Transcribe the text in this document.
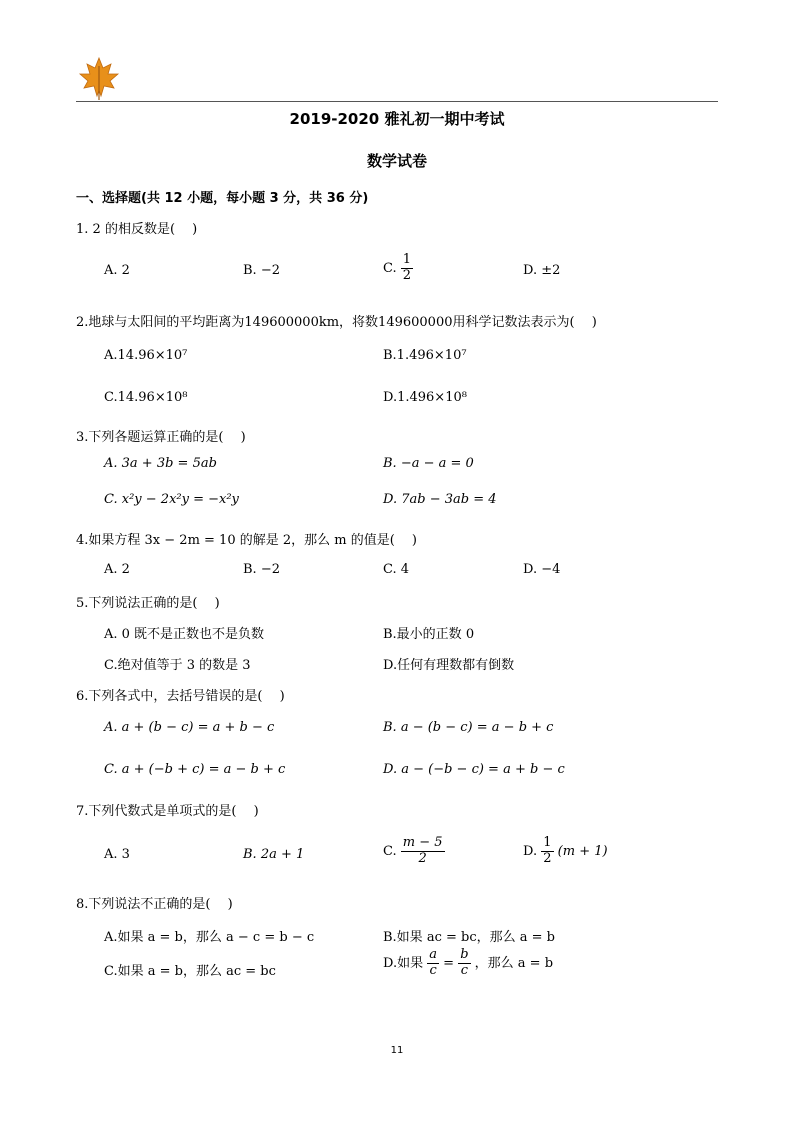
2019-2020 雅礼初一期中考试
数学试卷
一、选择题(共 12 小题，每小题 3 分，共 36 分)
1. 2 的相反数是(　 )
A. 2	B. −2	C. $\frac{1}{2}$	D. ±2
2.地球与太阳间的平均距离为149600000km，将数149600000用科学记数法表示为(　 )
A.14.96×10⁷	B.1.496×10⁷
C.14.96×10⁸	D.1.496×10⁸
3.下列各题运算正确的是(　 )
A. 3a + 3b = 5ab	B. −a − a = 0
C. x²y − 2x²y = −x²y	D. 7ab − 3ab = 4
4.如果方程 3x − 2m = 10 的解是 2，那么 m 的值是(　 )
A. 2	B. −2	C. 4	D. −4
5.下列说法正确的是(　 )
A. 0 既不是正数也不是负数	B.最小的正数 0
C.绝对值等于 3 的数是 3	D.任何有理数都有倒数
6.下列各式中，去括号错误的是(　 )
A. a + (b − c) = a + b − c	B. a − (b − c) = a − b + c
C. a + (−b + c) = a − b + c	D. a − (−b − c) = a + b − c
7.下列代数式是单项式的是(　 )
A. 3	B. 2a + 1	C. $\frac{m - 5}{2}$	D. $\frac{1}{2} (m + 1)$
8.下列说法不正确的是(　 )
A.如果 a = b，那么 a − c = b − c	B.如果 ac = bc，那么 a = b
C.如果 a = b，那么 ac = bc
D.如果 $\frac{a}{c} = \frac{b}{c}$ ，那么 a = b
11
